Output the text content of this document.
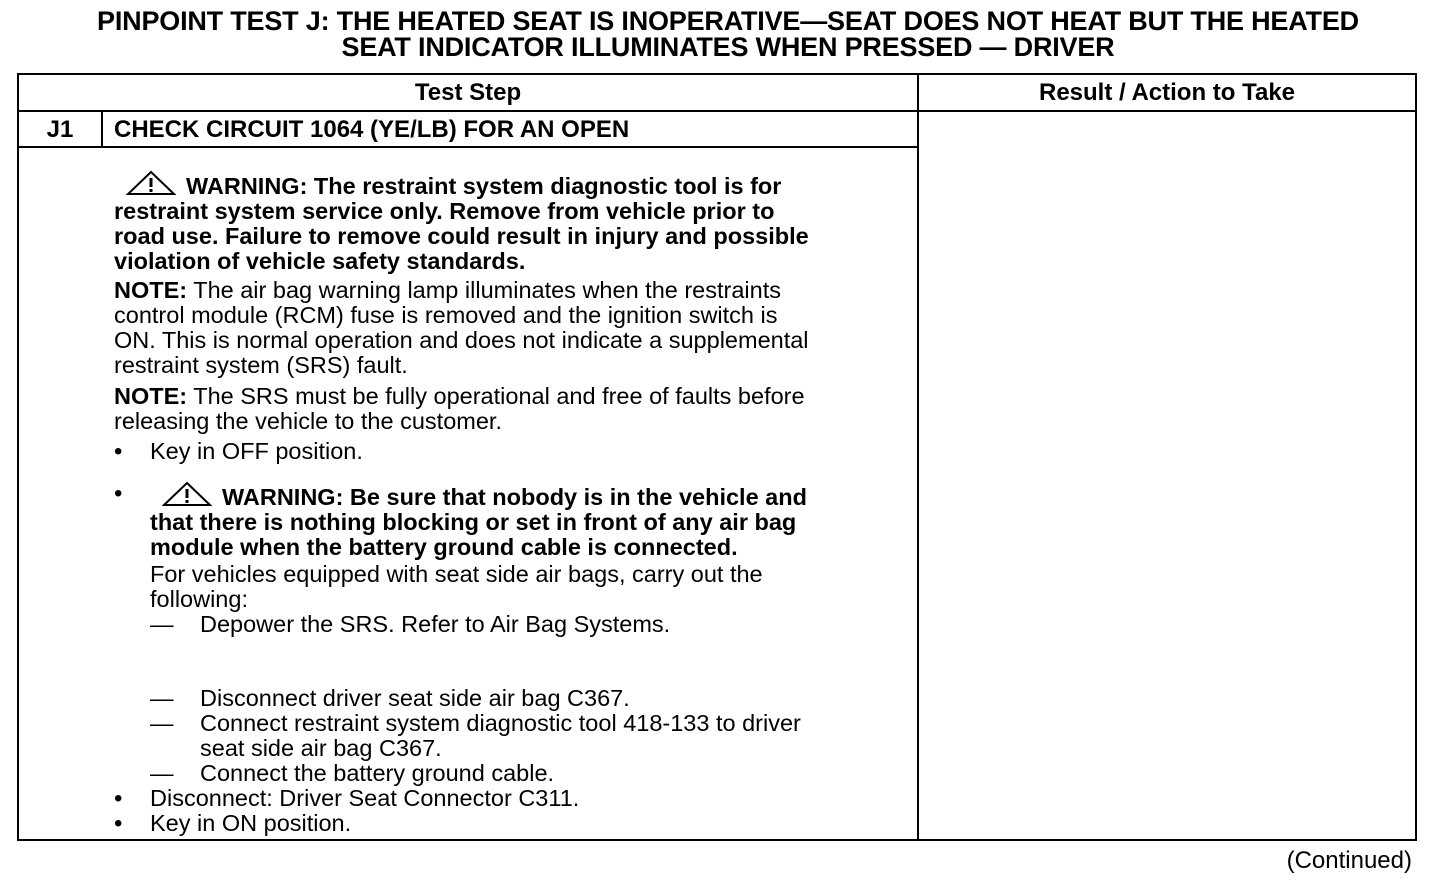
PINPOINT TEST J: THE HEATED SEAT IS INOPERATIVE—SEAT DOES NOT HEAT BUT THE HEATED
SEAT INDICATOR ILLUMINATES WHEN PRESSED — DRIVER
Test Step	Result / Action to Take
J1	CHECK CIRCUIT 1064 (YE/LB) FOR AN OPEN
WARNING: The restraint system diagnostic tool is for
restraint system service only. Remove from vehicle prior to
road use. Failure to remove could result in injury and possible
violation of vehicle safety standards.
NOTE: The air bag warning lamp illuminates when the restraints
control module (RCM) fuse is removed and the ignition switch is
ON. This is normal operation and does not indicate a supplemental
restraint system (SRS) fault.
NOTE: The SRS must be fully operational and free of faults before
releasing the vehicle to the customer.
• Key in OFF position.
•	WARNING: Be sure that nobody is in the vehicle and
that there is nothing blocking or set in front of any air bag
module when the battery ground cable is connected.
For vehicles equipped with seat side air bags, carry out the
following:
— Depower the SRS. Refer to Air Bag Systems.
— Disconnect driver seat side air bag C367.
— Connect restraint system diagnostic tool 418-133 to driver
seat side air bag C367.
— Connect the battery ground cable.
• Disconnect: Driver Seat Connector C311.
• Key in ON position.
(Continued)
